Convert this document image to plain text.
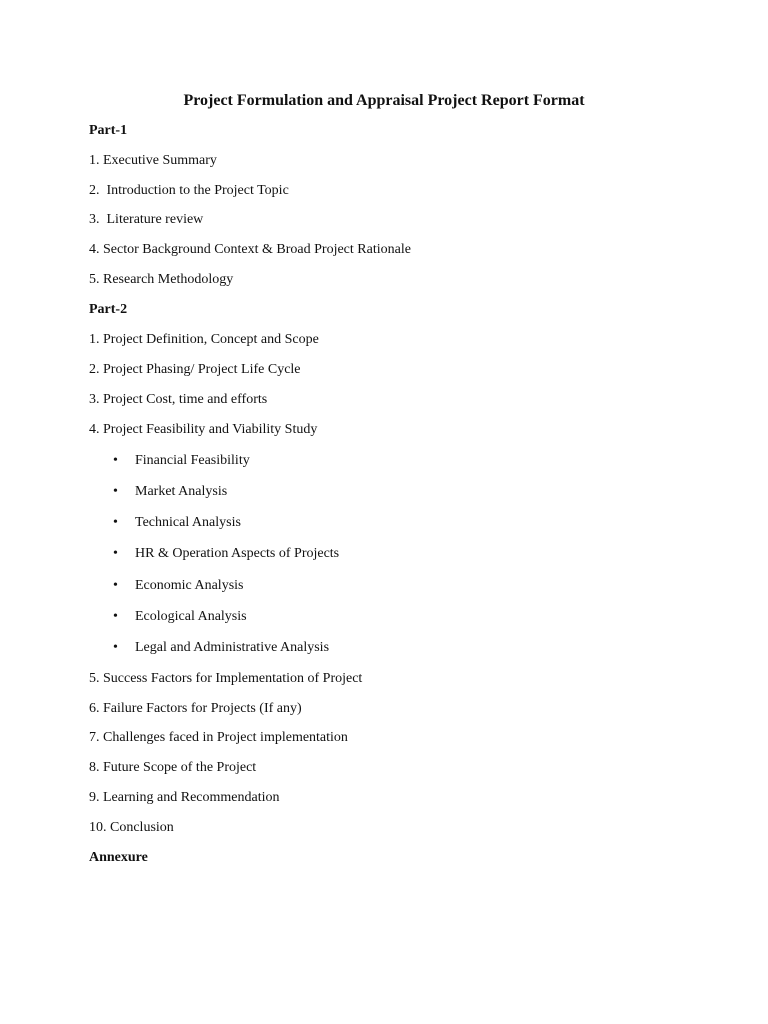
Project Formulation and Appraisal Project Report Format
Part-1
1. Executive Summary
2.  Introduction to the Project Topic
3.  Literature review
4. Sector Background Context & Broad Project Rationale
5. Research Methodology
Part-2
1. Project Definition, Concept and Scope
2. Project Phasing/ Project Life Cycle
3. Project Cost, time and efforts
4. Project Feasibility and Viability Study
• Financial Feasibility
• Market Analysis
• Technical Analysis
• HR & Operation Aspects of Projects
• Economic Analysis
• Ecological Analysis
• Legal and Administrative Analysis
5. Success Factors for Implementation of Project
6. Failure Factors for Projects (If any)
7. Challenges faced in Project implementation
8. Future Scope of the Project
9. Learning and Recommendation
10. Conclusion
Annexure
